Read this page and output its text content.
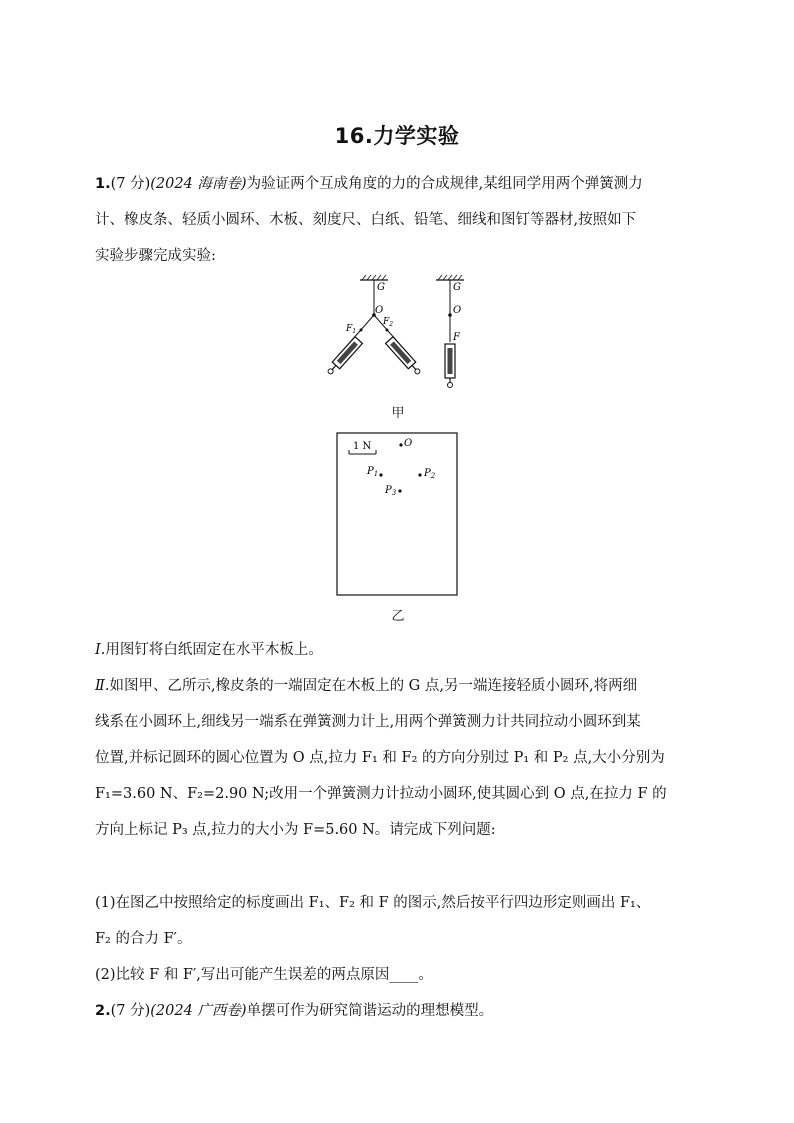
16.力学实验
1.(7 分)(2024 海南卷)为验证两个互成角度的力的合成规律,某组同学用两个弹簧测力
计、橡皮条、轻质小圆环、木板、刻度尺、白纸、铅笔、细线和图钉等器材,按照如下
实验步骤完成实验:
G
O
$F_1$
$F_2$
G
O
F
甲
1 N	O
$P_1$	$P_2$
$P_3$
乙
Ⅰ.用图钉将白纸固定在水平木板上。
Ⅱ.如图甲、乙所示,橡皮条的一端固定在木板上的 G 点,另一端连接轻质小圆环,将两细
线系在小圆环上,细线另一端系在弹簧测力计上,用两个弹簧测力计共同拉动小圆环到某
位置,并标记圆环的圆心位置为 O 点,拉力 F₁ 和 F₂ 的方向分别过 P₁ 和 P₂ 点,大小分别为
F₁=3.60 N、F₂=2.90 N;改用一个弹簧测力计拉动小圆环,使其圆心到 O 点,在拉力 F 的
方向上标记 P₃ 点,拉力的大小为 F=5.60 N。请完成下列问题:
(1)在图乙中按照给定的标度画出 F₁、F₂ 和 F 的图示,然后按平行四边形定则画出 F₁、
F₂ 的合力 F′。
(2)比较 F 和 F′,写出可能产生误差的两点原因____。
2.(7 分)(2024 广西卷)单摆可作为研究简谐运动的理想模型。
